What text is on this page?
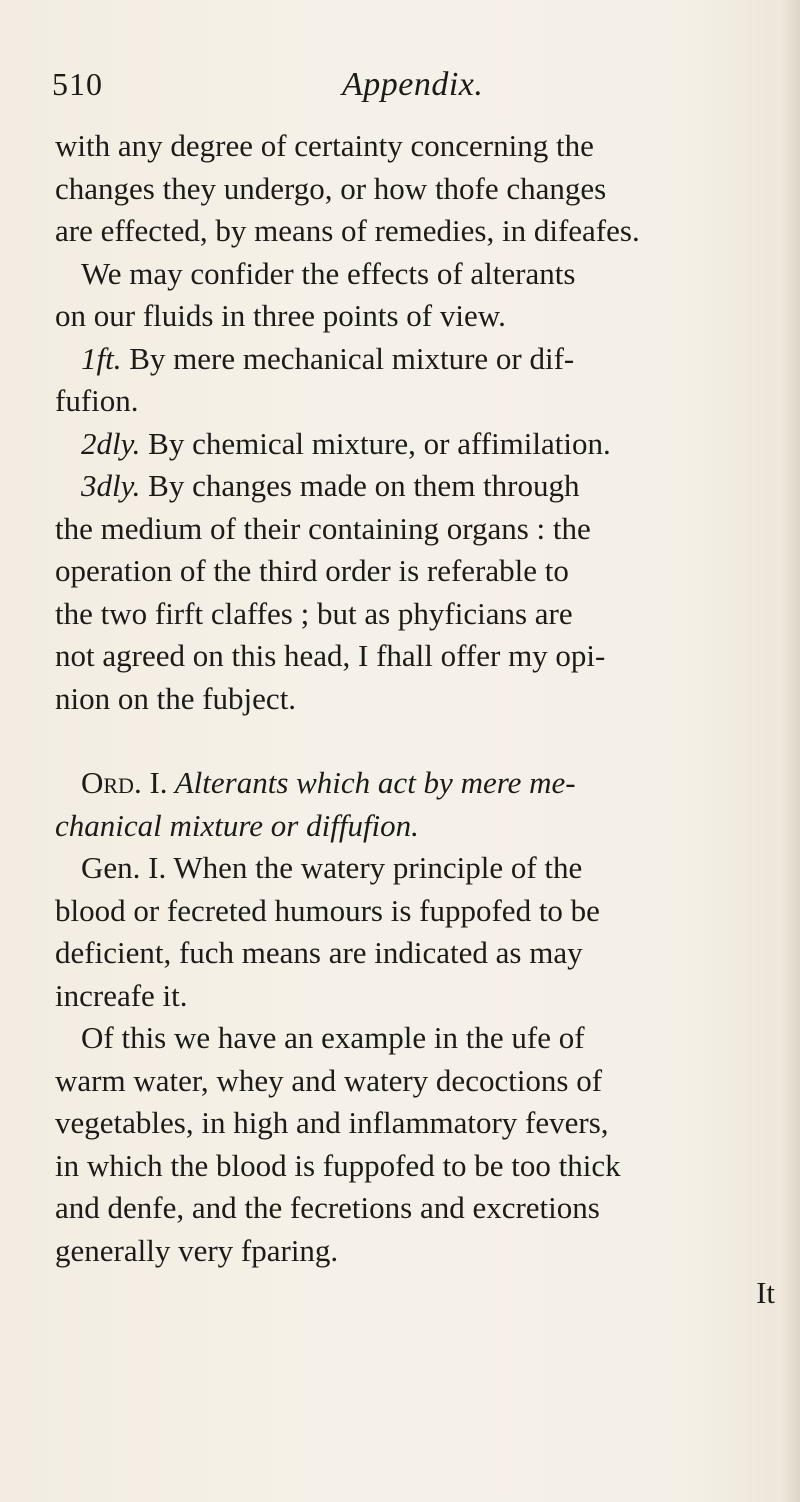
510	Appendix.
with any degree of certainty concerning the
changes they undergo, or how thofe changes
are effected, by means of remedies, in difeafes.
We may confider the effects of alterants
on our fluids in three points of view.
1ft. By mere mechanical mixture or dif-
fufion.
2dly. By chemical mixture, or affimilation.
3dly. By changes made on them through
the medium of their containing organs : the
operation of the third order is referable to
the two firft claffes ; but as phyficians are
not agreed on this head, I fhall offer my opi-
nion on the fubject.
Ord. I. Alterants which act by mere me-
chanical mixture or diffufion.
Gen. I. When the watery principle of the
blood or fecreted humours is fuppofed to be
deficient, fuch means are indicated as may
increafe it.
Of this we have an example in the ufe of
warm water, whey and watery decoctions of
vegetables, in high and inflammatory fevers,
in which the blood is fuppofed to be too thick
and denfe, and the fecretions and excretions
generally very fparing.
It
